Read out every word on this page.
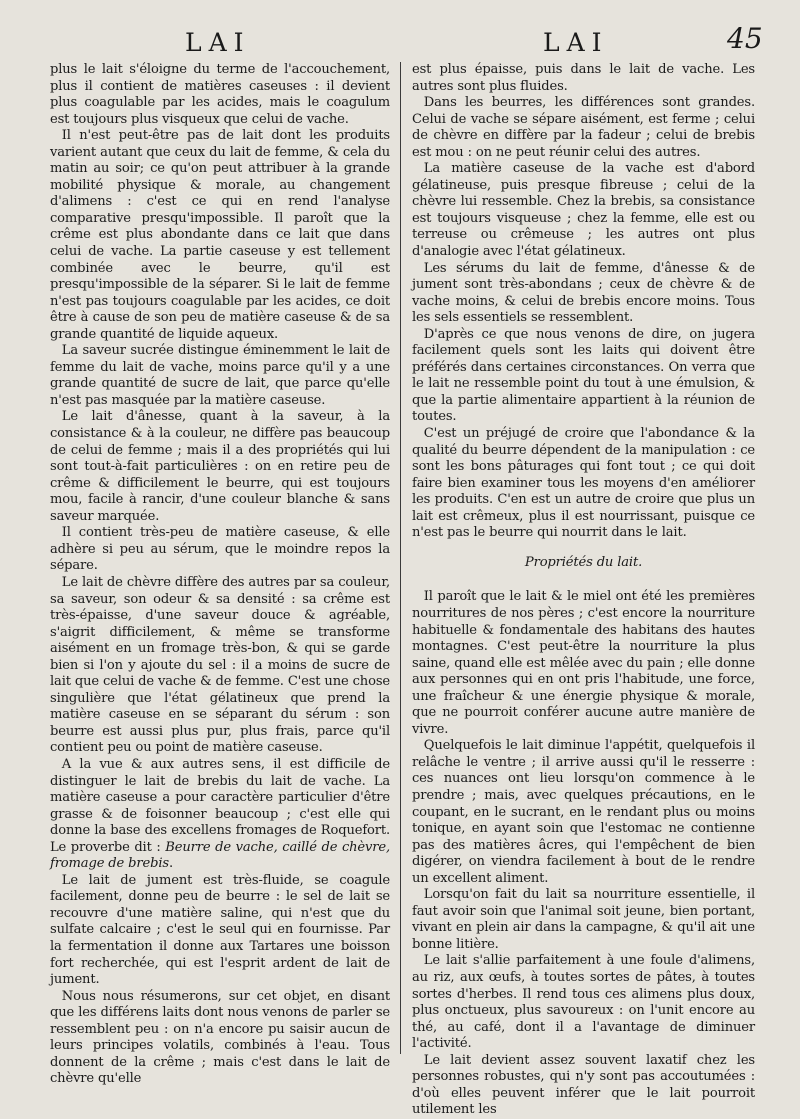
LAI	LAI	45

plus le lait s'éloigne du terme de l'accouchement, plus il contient de matières caseuses : il devient plus coagulable par les acides, mais le coagulum est toujours plus visqueux que celui de vache.

Il n'est peut-être pas de lait dont les produits varient autant que ceux du lait de femme, & cela du matin au soir; ce qu'on peut attribuer à la grande mobilité physique & morale, au changement d'alimens : c'est ce qui en rend l'analyse comparative presqu'impossible. Il paroît que la crême est plus abondante dans ce lait que dans celui de vache. La partie caseuse y est tellement combinée avec le beurre, qu'il est presqu'impossible de la séparer. Si le lait de femme n'est pas toujours coagulable par les acides, ce doit être à cause de son peu de matière caseuse & de sa grande quantité de liquide aqueux.

La saveur sucrée distingue éminemment le lait de femme du lait de vache, moins parce qu'il y a une grande quantité de sucre de lait, que parce qu'elle n'est pas masquée par la matière caseuse.

Le lait d'ânesse, quant à la saveur, à la consistance & à la couleur, ne diffère pas beaucoup de celui de femme ; mais il a des propriétés qui lui sont tout-à-fait particulières : on en retire peu de crême & difficilement le beurre, qui est toujours mou, facile à rancir, d'une couleur blanche & sans saveur marquée.

Il contient très-peu de matière caseuse, & elle adhère si peu au sérum, que le moindre repos la sépare.

Le lait de chèvre diffère des autres par sa couleur, sa saveur, son odeur & sa densité : sa crême est très-épaisse, d'une saveur douce & agréable, s'aigrit difficilement, & même se transforme aisément en un fromage très-bon, & qui se garde bien si l'on y ajoute du sel : il a moins de sucre de lait que celui de vache & de femme. C'est une chose singulière que l'état gélatineux que prend la matière caseuse en se séparant du sérum : son beurre est aussi plus pur, plus frais, parce qu'il contient peu ou point de matière caseuse.

A la vue & aux autres sens, il est difficile de distinguer le lait de brebis du lait de vache. La matière caseuse a pour caractère particulier d'être grasse & de foisonner beaucoup ; c'est elle qui donne la base des excellens fromages de Roquefort. Le proverbe dit : Beurre de vache, caillé de chèvre, fromage de brebis.

Le lait de jument est très-fluide, se coagule facilement, donne peu de beurre : le sel de lait se recouvre d'une matière saline, qui n'est que du sulfate calcaire ; c'est le seul qui en fournisse. Par la fermentation il donne aux Tartares une boisson fort recherchée, qui est l'esprit ardent de lait de jument.

Nous nous résumerons, sur cet objet, en disant que les différens laits dont nous venons de parler se ressemblent peu : on n'a encore pu saisir aucun de leurs principes volatils, combinés à l'eau. Tous donnent de la crême ; mais c'est dans le lait de chèvre qu'elle

est plus épaisse, puis dans le lait de vache. Les autres sont plus fluides.

Dans les beurres, les différences sont grandes. Celui de vache se sépare aisément, est ferme ; celui de chèvre en diffère par la fadeur ; celui de brebis est mou : on ne peut réunir celui des autres.

La matière caseuse de la vache est d'abord gélatineuse, puis presque fibreuse ; celui de la chèvre lui ressemble. Chez la brebis, sa consistance est toujours visqueuse ; chez la femme, elle est ou terreuse ou crêmeuse ; les autres ont plus d'analogie avec l'état gélatineux.

Les sérums du lait de femme, d'ânesse & de jument sont très-abondans ; ceux de chèvre & de vache moins, & celui de brebis encore moins. Tous les sels essentiels se ressemblent.

D'après ce que nous venons de dire, on jugera facilement quels sont les laits qui doivent être préférés dans certaines circonstances. On verra que le lait ne ressemble point du tout à une émulsion, & que la partie alimentaire appartient à la réunion de toutes.

C'est un préjugé de croire que l'abondance & la qualité du beurre dépendent de la manipulation : ce sont les bons pâturages qui font tout ; ce qui doit faire bien examiner tous les moyens d'en améliorer les produits. C'en est un autre de croire que plus un lait est crêmeux, plus il est nourrissant, puisque ce n'est pas le beurre qui nourrit dans le lait.

Propriétés du lait.

Il paroît que le lait & le miel ont été les premières nourritures de nos pères ; c'est encore la nourriture habituelle & fondamentale des habitans des hautes montagnes. C'est peut-être la nourriture la plus saine, quand elle est mêlée avec du pain ; elle donne aux personnes qui en ont pris l'habitude, une force, une fraîcheur & une énergie physique & morale, que ne pourroit conférer aucune autre manière de vivre.

Quelquefois le lait diminue l'appétit, quelquefois il relâche le ventre ; il arrive aussi qu'il le resserre : ces nuances ont lieu lorsqu'on commence à le prendre ; mais, avec quelques précautions, en le coupant, en le sucrant, en le rendant plus ou moins tonique, en ayant soin que l'estomac ne contienne pas des matières âcres, qui l'empêchent de bien digérer, on viendra facilement à bout de le rendre un excellent aliment.

Lorsqu'on fait du lait sa nourriture essentielle, il faut avoir soin que l'animal soit jeune, bien portant, vivant en plein air dans la campagne, & qu'il ait une bonne litière.

Le lait s'allie parfaitement à une foule d'alimens, au riz, aux œufs, à toutes sortes de pâtes, à toutes sortes d'herbes. Il rend tous ces alimens plus doux, plus onctueux, plus savoureux : on l'unit encore au thé, au café, dont il a l'avantage de diminuer l'activité.

Le lait devient assez souvent laxatif chez les personnes robustes, qui n'y sont pas accoutumées : d'où elles peuvent inférer que le lait pourroit utilement les
